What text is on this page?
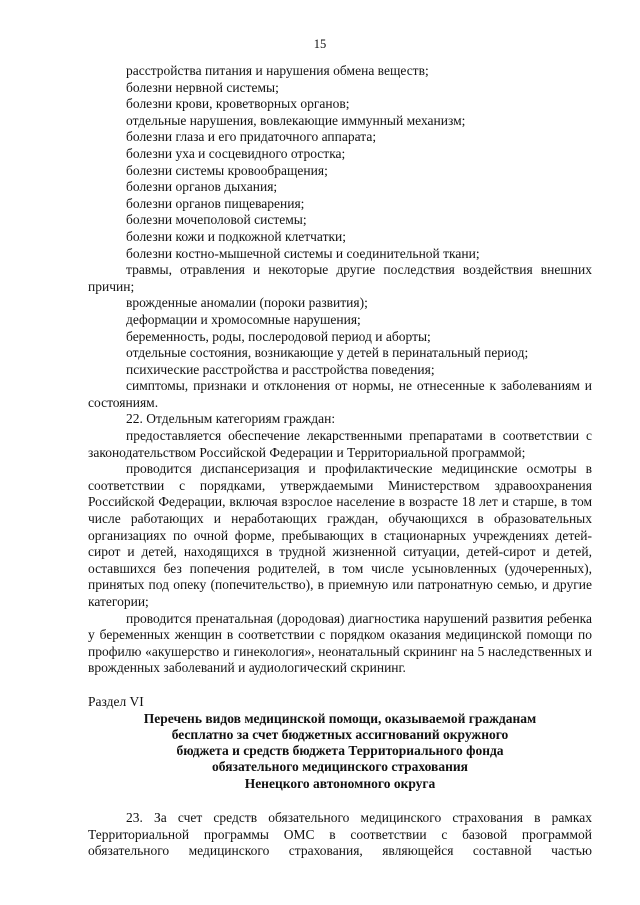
15

расстройства питания и нарушения обмена веществ;

болезни нервной системы;

болезни крови, кроветворных органов;

отдельные нарушения, вовлекающие иммунный механизм;

болезни глаза и его придаточного аппарата;

болезни уха и сосцевидного отростка;

болезни системы кровообращения;

болезни органов дыхания;

болезни органов пищеварения;

болезни мочеполовой системы;

болезни кожи и подкожной клетчатки;

болезни костно-мышечной системы и соединительной ткани;

травмы, отравления и некоторые другие последствия воздействия внешних причин;

врожденные аномалии (пороки развития);

деформации и хромосомные нарушения;

беременность, роды, послеродовой период и аборты;

отдельные состояния, возникающие у детей в перинатальный период;

психические расстройства и расстройства поведения;

симптомы, признаки и отклонения от нормы, не отнесенные к заболеваниям и состояниям.

22. Отдельным категориям граждан:

предоставляется обеспечение лекарственными препаратами в соответствии с законодательством Российской Федерации и Территориальной программой;

проводится диспансеризация и профилактические медицинские осмотры в соответствии с порядками, утверждаемыми Министерством здравоохранения Российской Федерации, включая взрослое население в возрасте 18 лет и старше, в том числе работающих и неработающих граждан, обучающихся в образовательных организациях по очной форме, пребывающих в стационарных учреждениях детей-сирот и детей, находящихся в трудной жизненной ситуации, детей-сирот и детей, оставшихся без попечения родителей, в том числе усыновленных (удочеренных), принятых под опеку (попечительство), в приемную или патронатную семью, и другие категории;

проводится пренатальная (дородовая) диагностика нарушений развития ребенка у беременных женщин в соответствии с порядком оказания медицинской помощи по профилю «акушерство и гинекология», неонатальный скрининг на 5 наследственных и врожденных заболеваний и аудиологический скрининг.

Раздел VI

Перечень видов медицинской помощи, оказываемой гражданам
бесплатно за счет бюджетных ассигнований окружного
бюджета и средств бюджета Территориального фонда
обязательного медицинского страхования
Ненецкого автономного округа

23. За счет средств обязательного медицинского страхования в рамках Территориальной программы ОМС в соответствии с базовой программой обязательного медицинского страхования, являющейся составной частью
